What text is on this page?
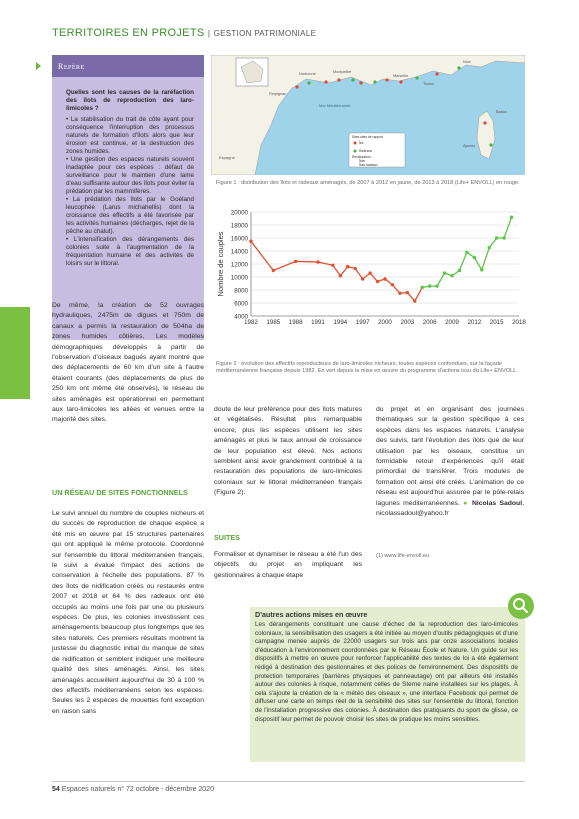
TERRITOIRES EN PROJETS | GESTION PATRIMONIALE
Repère

Quelles sont les causes de la raréfaction des îlots de reproduction des laro-limicoles ?

• La stabilisation du trait de côte ayant pour conséquence l'interruption des processus naturels de formation d'îlots alors que leur érosion est continue, et la destruction des zones humides.

• Une gestion des espaces naturels souvent inadaptée pour ces espèces : défaut de surveillance pour le maintien d'une lame d'eau suffisante autour des îlots pour éviter la prédation par les mammifères.

• La prédation des îlots par le Goéland leucophée (Larus michahellis) dont la croissance des effectifs a été favorisée par les activités humaines (décharges, rejet de la pêche au chalut).

• L'intensification des dérangements des colonies suite à l'augmentation de la fréquentation humaine et des activités de loisirs sur le littoral.

Mer Méditerranée
Espagne
Perpignan
Narbonne	Montpellier
Marseille
Toulon
Nice
Ajaccio
Bastia
Sites sites de rapport
Îlot
Radeaux
Restauration
Îlots
Îlots radeaux
Figure 1 : distribution des îlots et radeaux aménagés, de 2007 à 2012 en jaune, de 2013 à 2018 (Life+ ENVOLL) en rouge.
4000
6000
8000
10000
12000
14000
16000
18000
20000
1982 1985 1988 1991 1994 1997 2000 2003 2006 2009 2012 2015 2018
Nombre de couples
Figure 2 : évolution des effectifs reproducteurs de laro-limicoles nicheurs, toutes espèces confondues, sur la façade méditerranéenne française depuis 1982. En vert depuis la mise en œuvre du programme d'actions issu du Life+ ENVOLL.

De même, la création de 52 ouvrages hydrauliques, 2475m de digues et 750m de canaux a permis la restauration de 504ha de zones humides côtières. Les modèles démographiques développés à partir de l'observation d'oiseaux bagués ayant montré que des déplacements de 60 km d'un site à l'autre étaient courants (des déplacements de plus de 250 km ont même été observés), le réseau de sites aménagés est opérationnel en permettant aux laro-limicoles les allées et venues entre la majorité des sites.

UN RÉSEAU DE SITES FONCTIONNELS

Le suivi annuel du nombre de couples nicheurs et du succès de reproduction de chaque espèce a été mis en œuvre par 15 structures partenaires qui ont appliqué le même protocole. Coordonné sur l'ensemble du littoral méditerranéen français, le suivi a évalué l'impact des actions de conservation à l'échelle des populations. 87 % des îlots de nidification créés ou restaurés entre 2007 et 2018 et 64 % des radeaux ont été occupés au moins une fois par une ou plusieurs espèces. De plus, les colonies investissent ces aménagements beaucoup plus longtemps que les sites naturels. Ces premiers résultats montrent la justesse du diagnostic initial du manque de sites de nidification et semblent indiquer une meilleure qualité des sites aménagés. Ainsi, les sites aménagés accueillent aujourd'hui de 30 à 100 % des effectifs méditerranéens selon les espèces. Seules les 2 espèces de mouettes font exception en raison sans

doute de leur préférence pour des îlots matures et végétalisés. Résultat plus remarquable encore, plus les espèces utilisent les sites aménagés et plus le taux annuel de croissance de leur population est élevé. Nos actions semblent ainsi avoir grandement contribué à la restauration des populations de laro-limicoles coloniaux sur le littoral méditerranéen français (Figure 2).

SUITES

Formaliser et dynamiser le réseau a été l'un des objectifs du projet en impliquant les gestionnaires à chaque étape

du projet et en organisant des journées thématiques sur la gestion spécifique à ces espèces dans les espaces naturels. L'analyse des suivis, tant l'évolution des îlots que de leur utilisation par les oiseaux, constitue un formidable retour d'expériences qu'il était primordial de transférer. Trois modules de formation ont ainsi été créés. L'animation de ce réseau est aujourd'hui assurée par le pôle-relais lagunes méditerranéennes. ● Nicolas Sadoul, nicolassadoul@yahoo.fr

(1) www.life-envoll.eu
D'autres actions mises en œuvre
Les dérangements constituant une cause d'échec de la reproduction des laro-limicoles coloniaux, la sensibilisation des usagers a été initiée au moyen d'outils pédagogiques et d'une campagne menée auprès de 22000 usagers sur trois ans par onze associations locales d'éducation à l'environnement coordonnées par le Réseau École et Nature. Un guide sur les dispositifs à mettre en œuvre pour renforcer l'applicabilité des textes de loi a été également rédigé à destination des gestionnaires et des polices de l'environnement. Des dispositifs de protection temporaires (barrières physiques et panneautage) ont par ailleurs été installés autour des colonies à risque, notamment celles de Sterne naine installées sur les plages. À cela s'ajoute la création de la « météo des oiseaux », une interface Facebook qui permet de diffuser une carte en temps réel de la sensibilité des sites sur l'ensemble du littoral, fonction de l'installation progressive des colonies. À destination des pratiquants du sport de glisse, ce dispositif leur permet de pouvoir choisir les sites de pratique les moins sensibles.
54 Espaces naturels n° 72 octobre - décembre 2020
